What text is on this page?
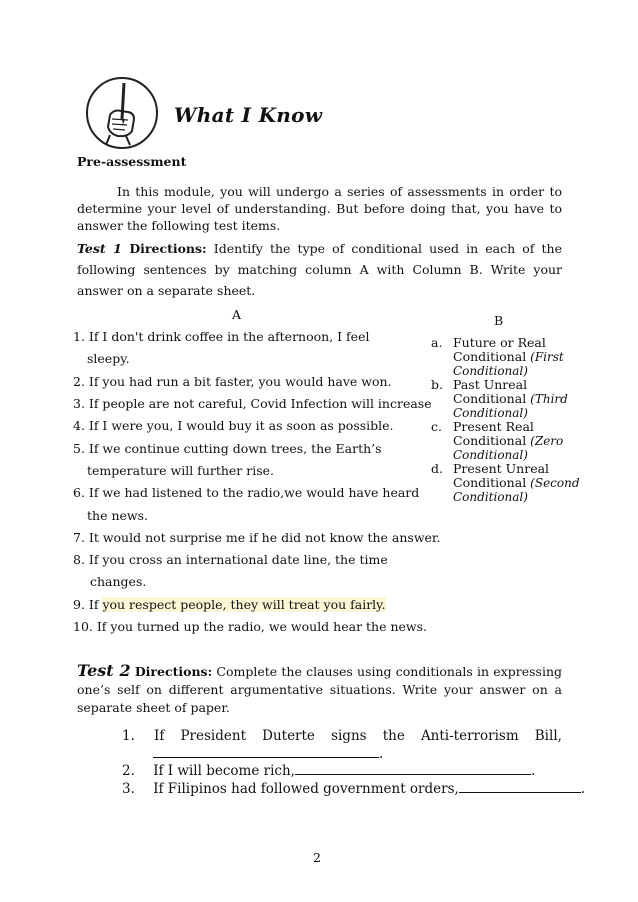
What I Know
Pre-assessment
In this module, you will undergo a series of assessments in order to determine your level of understanding. But before doing that, you have to answer the following test items.
Test 1 Directions: Identify the type of conditional used in each of the following sentences by matching column A with Column B. Write your answer on a separate sheet.
A	B
1. If I don't drink coffee in the afternoon, I feel
sleepy.
2. If you had run a bit faster, you would have won.
3. If people are not careful, Covid Infection will increase
4. If I were you, I would buy it as soon as possible.
5. If we continue cutting down trees, the Earth’s
temperature will further rise.
6. If we had listened to the radio,we would have heard
the news.
7. It would not surprise me if he did not know the answer.
8. If you cross an international date line, the time
changes.
9. If you respect people, they will treat you fairly.
10. If you turned up the radio, we would hear the news.
a. Future or Real Conditional (First Conditional)
b. Past Unreal Conditional (Third Conditional)
c. Present Real Conditional (Zero Conditional)
d. Present Unreal Conditional (Second Conditional)
Test 2 Directions: Complete the clauses using conditionals in expressing one’s self on different argumentative situations. Write your answer on a separate sheet of paper.
1. If President Duterte signs the Anti-terrorism Bill,
.
2. If I will become rich,	.
3. If Filipinos had followed government orders,	.
2
